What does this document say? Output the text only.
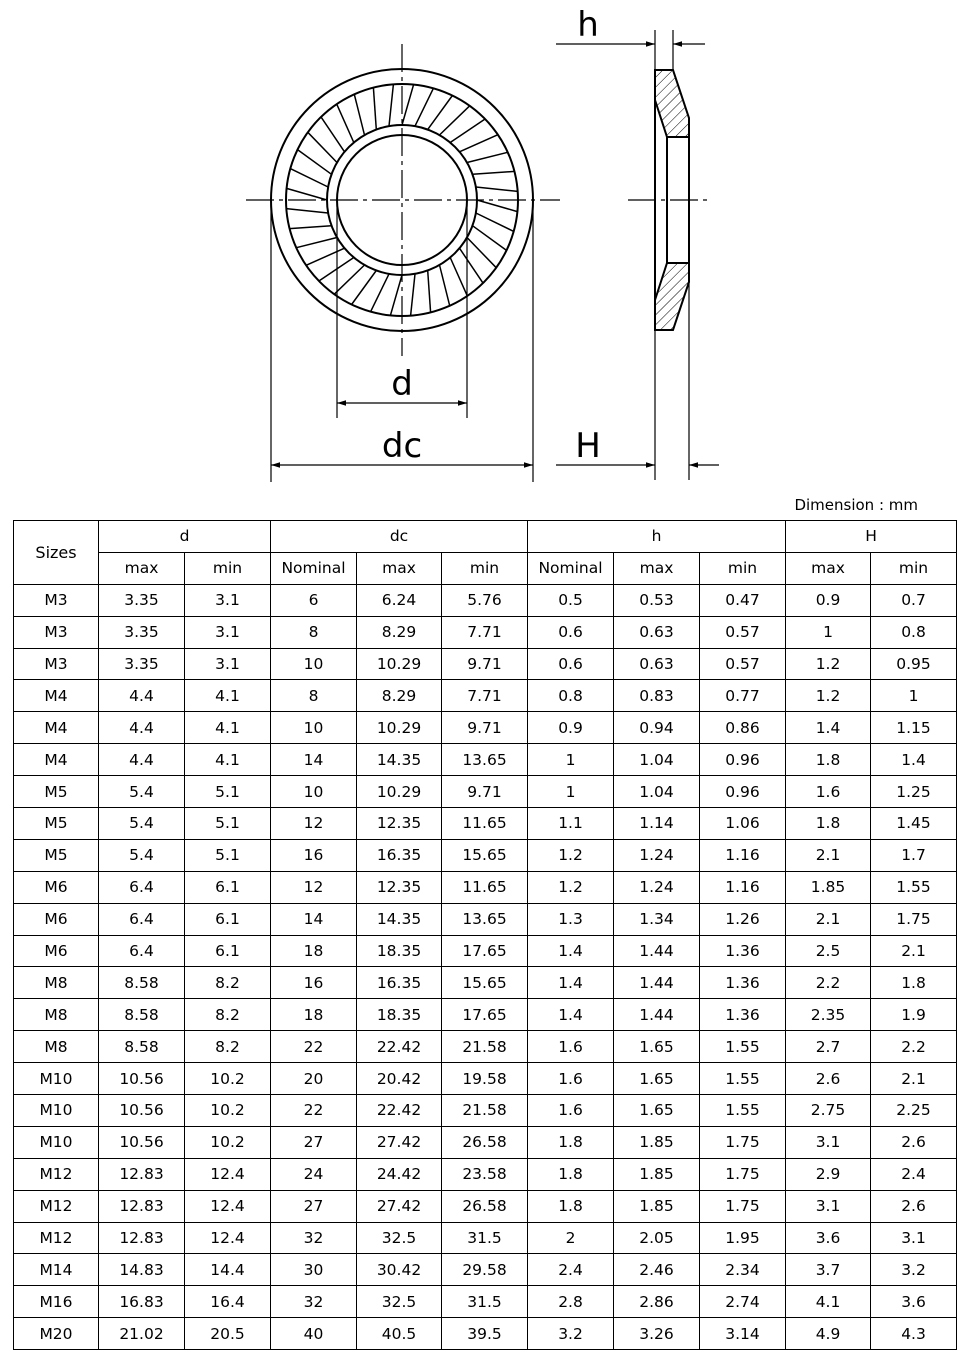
d
dc
h
H
Dimension : mm
Sizes	d		dc			h			H	
	max	min	Nominal	max	min	Nominal	max	min	max	min
M3	3.35	3.1	6	6.24	5.76	0.5	0.53	0.47	0.9	0.7
M3	3.35	3.1	8	8.29	7.71	0.6	0.63	0.57	1	0.8
M3	3.35	3.1	10	10.29	9.71	0.6	0.63	0.57	1.2	0.95
M4	4.4	4.1	8	8.29	7.71	0.8	0.83	0.77	1.2	1
M4	4.4	4.1	10	10.29	9.71	0.9	0.94	0.86	1.4	1.15
M4	4.4	4.1	14	14.35	13.65	1	1.04	0.96	1.8	1.4
M5	5.4	5.1	10	10.29	9.71	1	1.04	0.96	1.6	1.25
M5	5.4	5.1	12	12.35	11.65	1.1	1.14	1.06	1.8	1.45
M5	5.4	5.1	16	16.35	15.65	1.2	1.24	1.16	2.1	1.7
M6	6.4	6.1	12	12.35	11.65	1.2	1.24	1.16	1.85	1.55
M6	6.4	6.1	14	14.35	13.65	1.3	1.34	1.26	2.1	1.75
M6	6.4	6.1	18	18.35	17.65	1.4	1.44	1.36	2.5	2.1
M8	8.58	8.2	16	16.35	15.65	1.4	1.44	1.36	2.2	1.8
M8	8.58	8.2	18	18.35	17.65	1.4	1.44	1.36	2.35	1.9
M8	8.58	8.2	22	22.42	21.58	1.6	1.65	1.55	2.7	2.2
M10	10.56	10.2	20	20.42	19.58	1.6	1.65	1.55	2.6	2.1
M10	10.56	10.2	22	22.42	21.58	1.6	1.65	1.55	2.75	2.25
M10	10.56	10.2	27	27.42	26.58	1.8	1.85	1.75	3.1	2.6
M12	12.83	12.4	24	24.42	23.58	1.8	1.85	1.75	2.9	2.4
M12	12.83	12.4	27	27.42	26.58	1.8	1.85	1.75	3.1	2.6
M12	12.83	12.4	32	32.5	31.5	2	2.05	1.95	3.6	3.1
M14	14.83	14.4	30	30.42	29.58	2.4	2.46	2.34	3.7	3.2
M16	16.83	16.4	32	32.5	31.5	2.8	2.86	2.74	4.1	3.6
M20	21.02	20.5	40	40.5	39.5	3.2	3.26	3.14	4.9	4.3
